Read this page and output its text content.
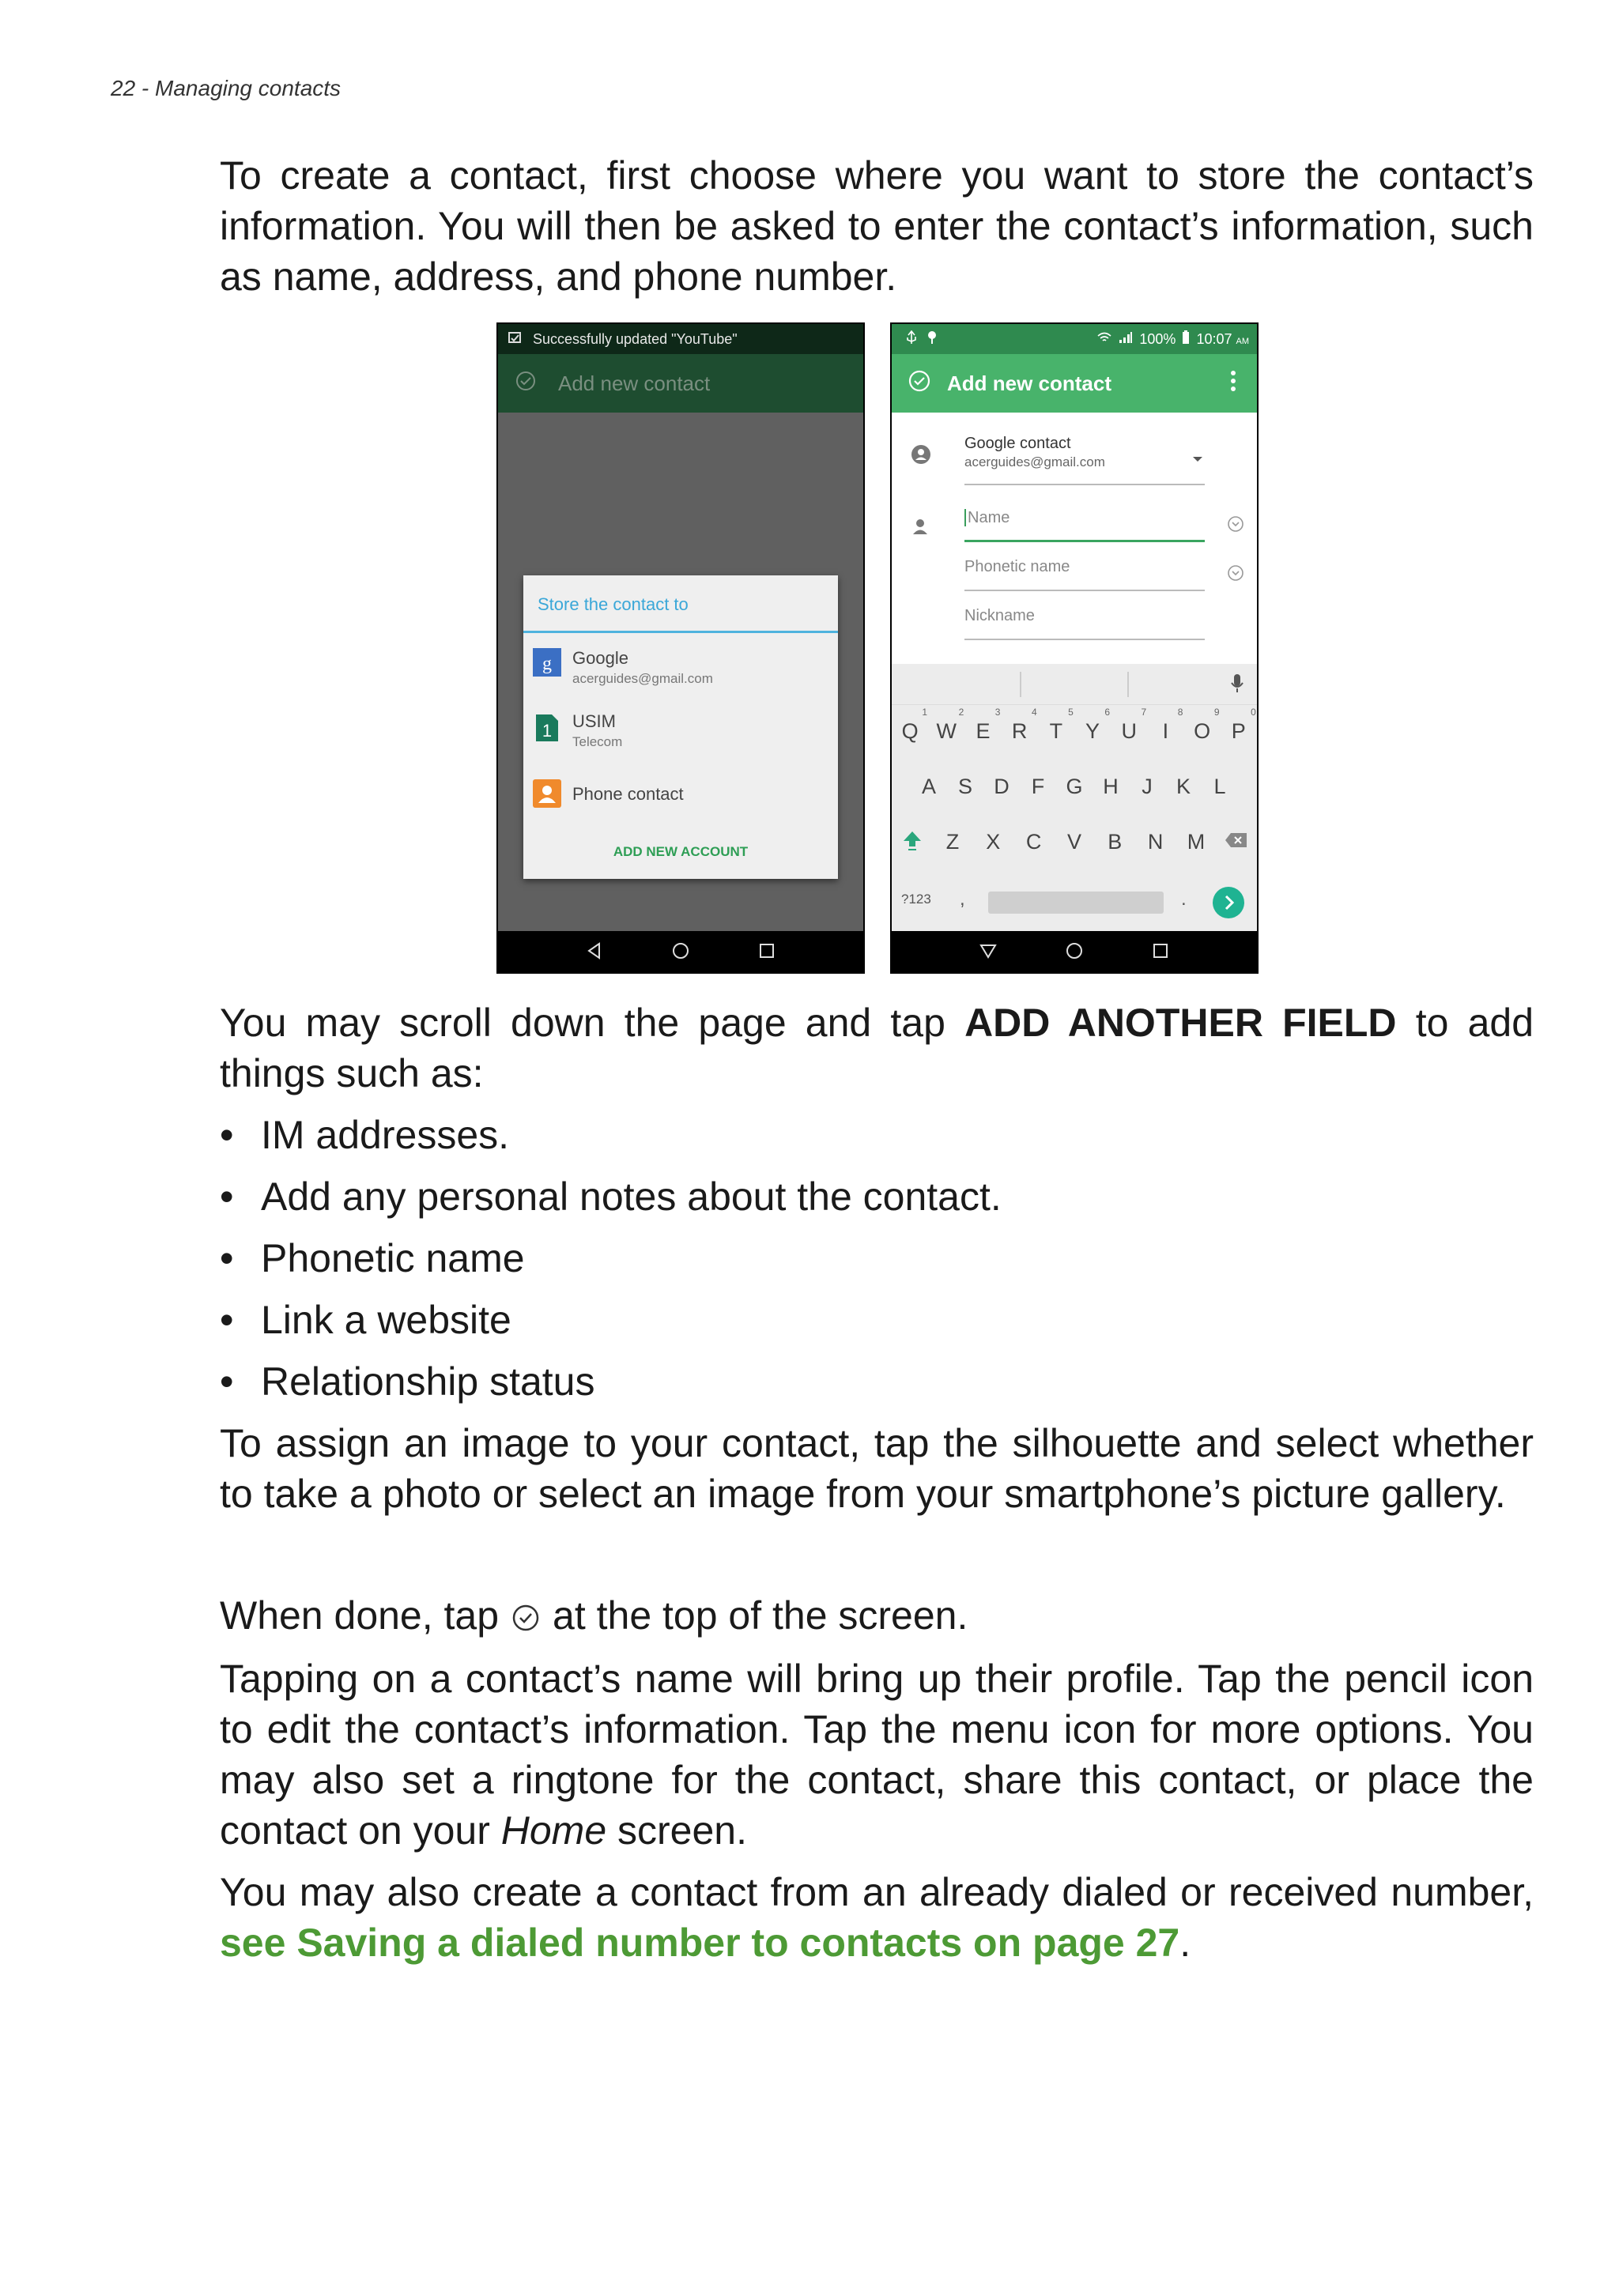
22 - Managing contacts

To create a contact, first choose where you want to store the contact’s information. You will then be asked to enter the contact’s information, such as name, address, and phone number.

Successfully updated "YouTube"
Add new contact
Store the contact to
g Google
acerguides@gmail.com
1 USIM
Telecom
Phone contact
ADD NEW ACCOUNT
100% 10:07 AM
Add new contact
Google contact
acerguides@gmail.com
Name
Phonetic name
Nickname
Q
1
W
2
E
3
R
4
T
5
Y
6
U
7
I
8
O
9
P
0
A	S	D	F	G H	J	K	L
Z	X	C	V	B	N	M
?123 ,	.

You may scroll down the page and tap ADD ANOTHER FIELD to add things such as:

• IM addresses.
• Add any personal notes about the contact.
• Phonetic name
• Link a website
• Relationship status

To assign an image to your contact, tap the silhouette and select whether to take a photo or select an image from your smartphone’s picture gallery.

When done, tap at the top of the screen.

Tapping on a contact’s name will bring up their profile. Tap the pencil icon to edit the contact’s information. Tap the menu icon for more options. You may also set a ringtone for the contact, share this contact, or place the contact on your Home screen.

You may also create a contact from an already dialed or received number, see Saving a dialed number to contacts on page 27.
